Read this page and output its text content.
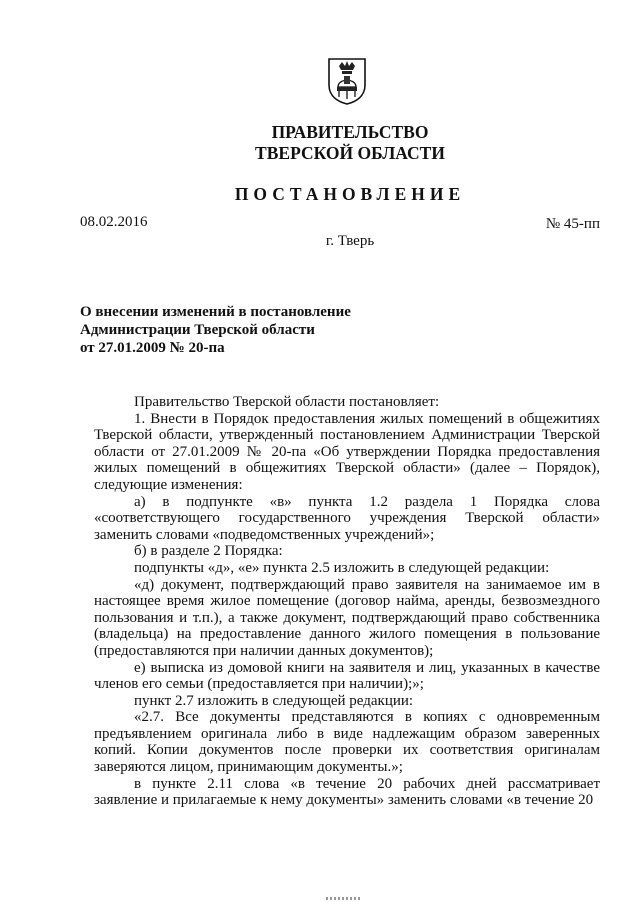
ПРАВИТЕЛЬСТВО
ТВЕРСКОЙ ОБЛАСТИ
ПОСТАНОВЛЕНИЕ
08.02.2016	№ 45-пп
г. Тверь
О внесении изменений в постановление
Администрации Тверской области
от 27.01.2009 № 20-па

Правительство Тверской области постановляет:

1. Внести в Порядок предоставления жилых помещений в общежитиях Тверской области, утвержденный постановлением Администрации Тверской области от 27.01.2009 № 20-па «Об утверждении Порядка предоставления жилых помещений в общежитиях Тверской области» (далее – Порядок), следующие изменения:

а) в подпункте «в» пункта 1.2 раздела 1 Порядка слова «соответствующего государственного учреждения Тверской области» заменить словами «подведомственных учреждений»;

б) в разделе 2 Порядка:

подпункты «д», «е» пункта 2.5 изложить в следующей редакции:

«д) документ, подтверждающий право заявителя на занимаемое им в настоящее время жилое помещение (договор найма, аренды, безвозмездного пользования и т.п.), а также документ, подтверждающий право собственника (владельца) на предоставление данного жилого помещения в пользование (предоставляются при наличии данных документов);

е) выписка из домовой книги на заявителя и лиц, указанных в качестве членов его семьи (предоставляется при наличии);»;

пункт 2.7 изложить в следующей редакции:

«2.7. Все документы представляются в копиях с одновременным предъявлением оригинала либо в виде надлежащим образом заверенных копий. Копии документов после проверки их соответствия оригиналам заверяются лицом, принимающим документы.»;

в пункте 2.11 слова «в течение 20 рабочих дней рассматривает заявление и прилагаемые к нему документы» заменить словами «в течение 20
